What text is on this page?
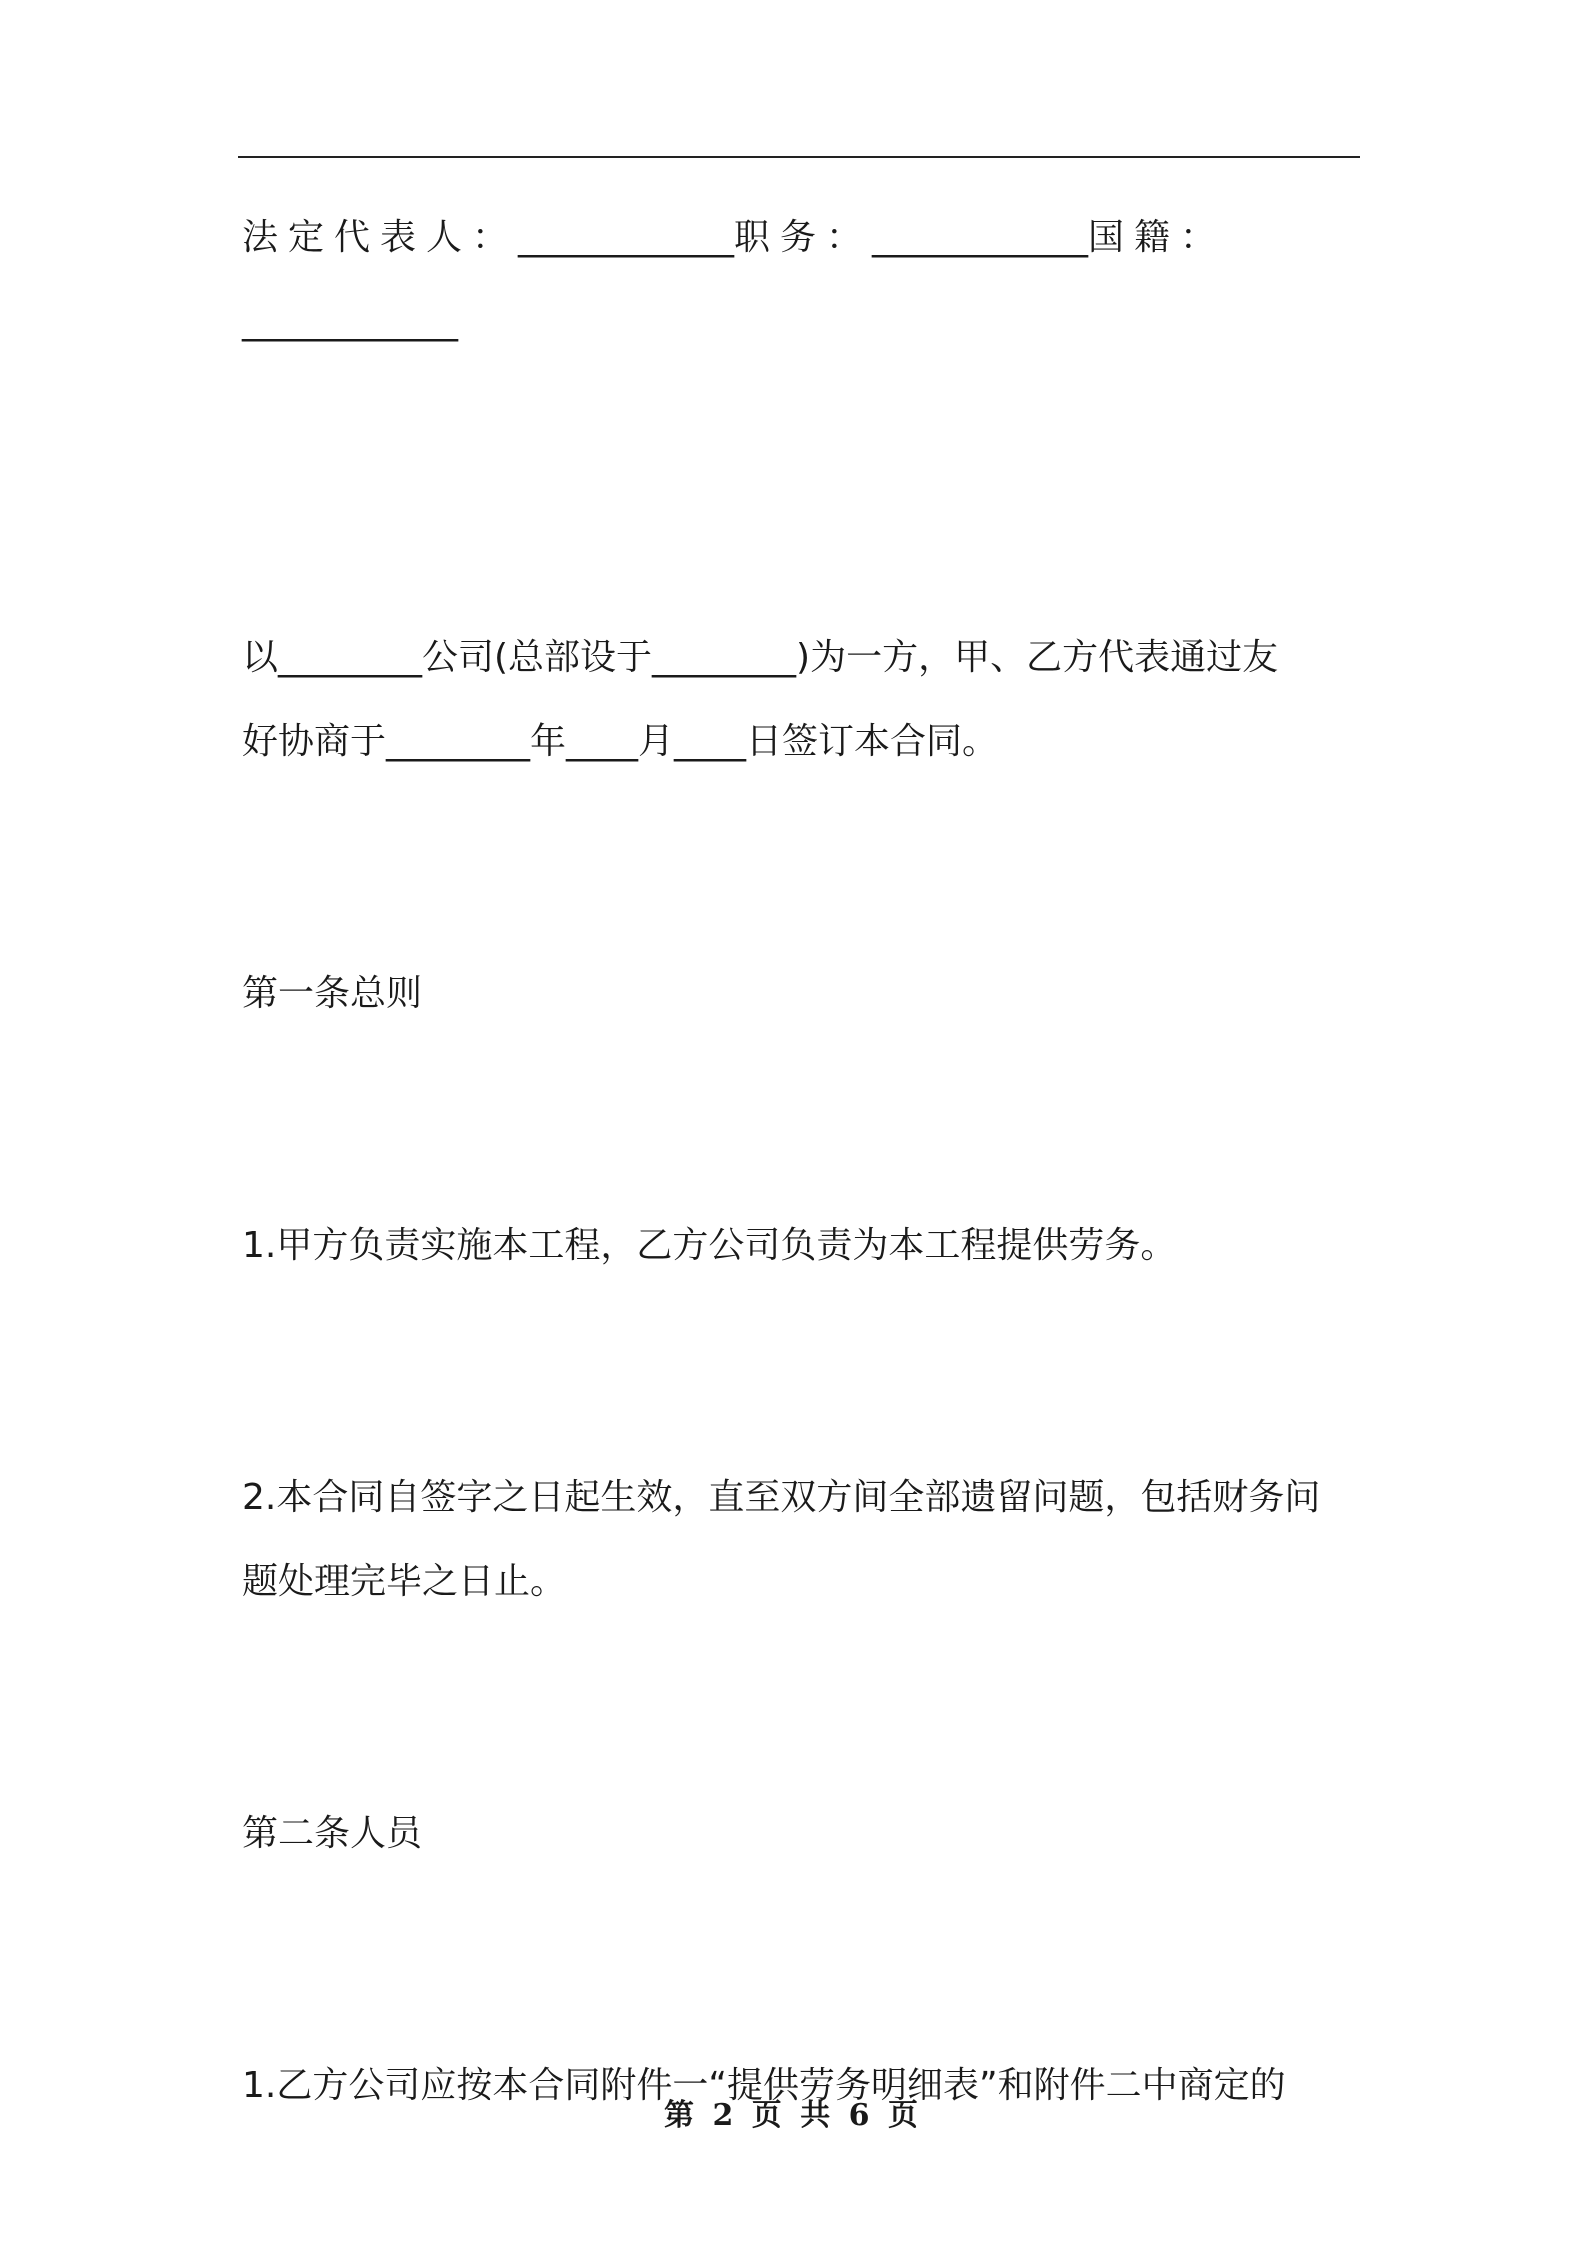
法定代表人：____________职务：____________国籍：

____________

以________公司(总部设于________)为一方，甲、乙方代表通过友
好协商于________年____月____日签订本合同。

第一条总则

1.甲方负责实施本工程，乙方公司负责为本工程提供劳务。

2.本合同自签字之日起生效，直至双方间全部遗留问题，包括财务问
题处理完毕之日止。

第二条人员

1.乙方公司应按本合同附件一“提供劳务明细表”和附件二中商定的

第 2 页 共 6 页
